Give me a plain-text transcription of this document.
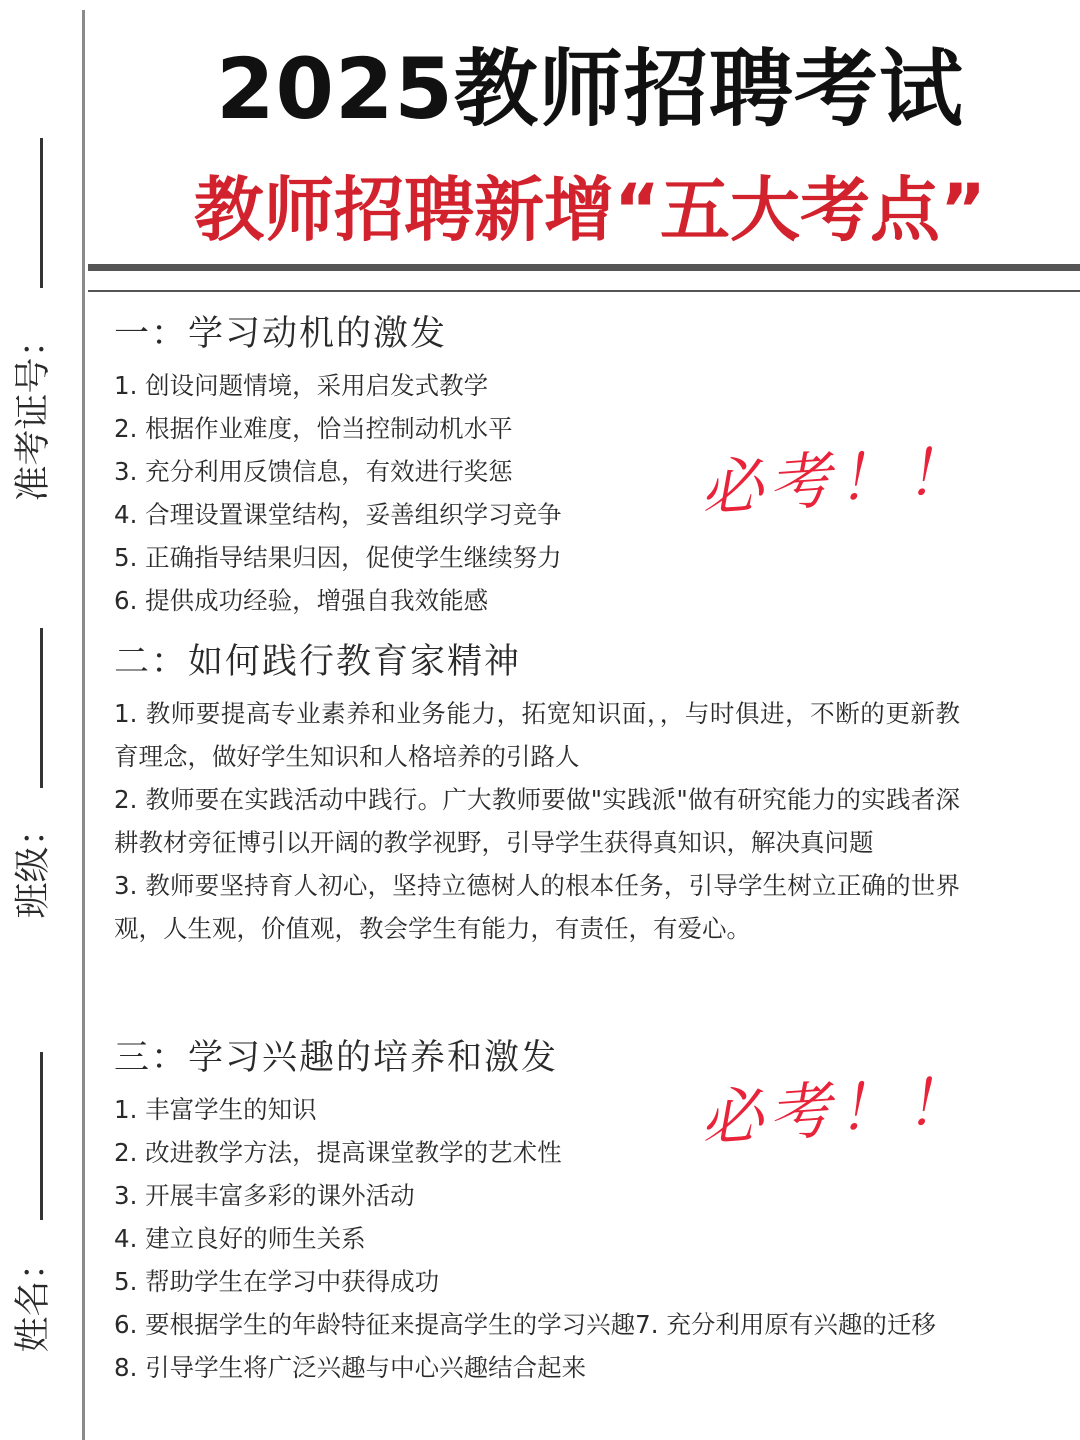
准考证号：
班级：
姓名：
2025教师招聘考试
教师招聘新增“五大考点”
一：学习动机的激发
1. 创设问题情境，采用启发式教学
2. 根据作业难度，恰当控制动机水平
3. 充分利用反馈信息，有效进行奖惩
4. 合理设置课堂结构，妥善组织学习竞争
5. 正确指导结果归因，促使学生继续努力
6. 提供成功经验，增强自我效能感
必考！！
二：如何践行教育家精神

1. 教师要提高专业素养和业务能力，拓宽知识面，，与时俱进，不断的更新教育理念，做好学生知识和人格培养的引路人

2. 教师要在实践活动中践行。广大教师要做"实践派"做有研究能力的实践者深耕教材旁征博引以开阔的教学视野，引导学生获得真知识，解决真问题

3. 教师要坚持育人初心，坚持立德树人的根本任务，引导学生树立正确的世界观，人生观，价值观，教会学生有能力，有责任，有爱心。

三：学习兴趣的培养和激发
1. 丰富学生的知识
2. 改进教学方法，提高课堂教学的艺术性
3. 开展丰富多彩的课外活动
4. 建立良好的师生关系
5. 帮助学生在学习中获得成功
6. 要根据学生的年龄特征来提高学生的学习兴趣7. 充分利用原有兴趣的迁移
8. 引导学生将广泛兴趣与中心兴趣结合起来
必考！！
